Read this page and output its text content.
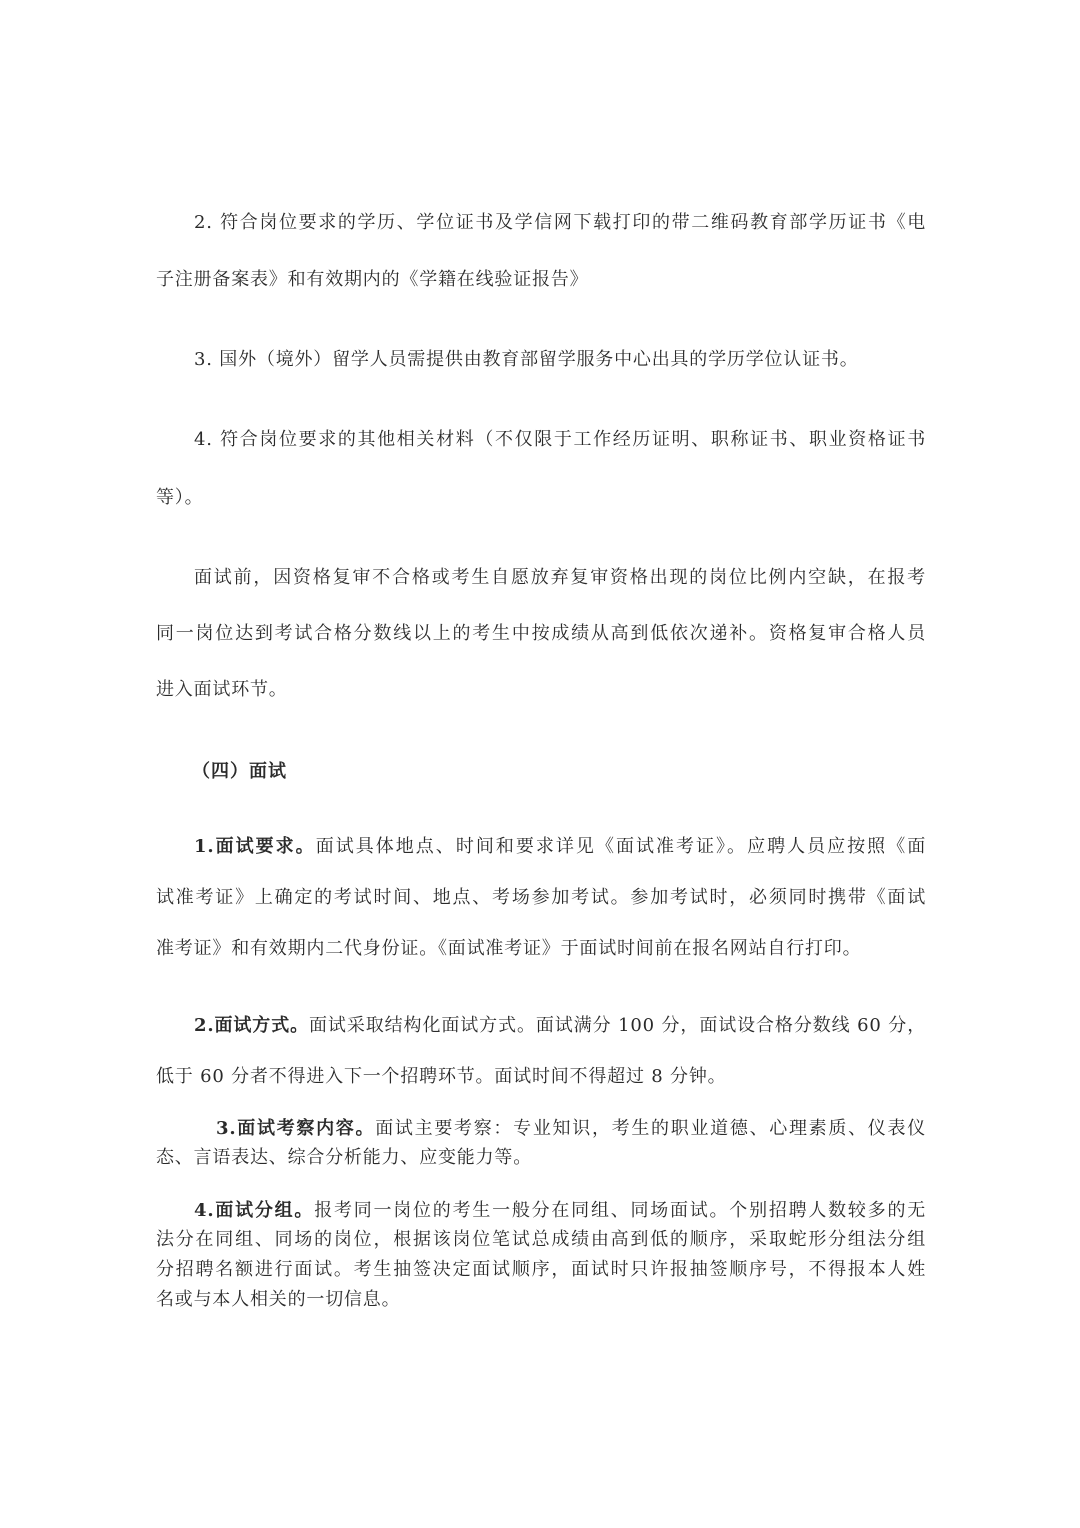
2. 符合岗位要求的学历、学位证书及学信网下载打印的带二维码教育部学历证书《电
子注册备案表》和有效期内的《学籍在线验证报告》
3. 国外（境外）留学人员需提供由教育部留学服务中心出具的学历学位认证书。
4. 符合岗位要求的其他相关材料（不仅限于工作经历证明、职称证书、职业资格证书
等）。
面试前，因资格复审不合格或考生自愿放弃复审资格出现的岗位比例内空缺，在报考
同一岗位达到考试合格分数线以上的考生中按成绩从高到低依次递补。资格复审合格人员
进入面试环节。
（四）面试
1.面试要求。面试具体地点、时间和要求详见《面试准考证》。应聘人员应按照《面
试准考证》上确定的考试时间、地点、考场参加考试。参加考试时，必须同时携带《面试
准考证》和有效期内二代身份证。《面试准考证》于面试时间前在报名网站自行打印。
2.面试方式。面试采取结构化面试方式。面试满分 100 分，面试设合格分数线 60 分，
低于 60 分者不得进入下一个招聘环节。面试时间不得超过 8 分钟。
3.面试考察内容。面试主要考察：专业知识，考生的职业道德、心理素质、仪表仪
态、言语表达、综合分析能力、应变能力等。
4.面试分组。报考同一岗位的考生一般分在同组、同场面试。个别招聘人数较多的无
法分在同组、同场的岗位，根据该岗位笔试总成绩由高到低的顺序，采取蛇形分组法分组
分招聘名额进行面试。考生抽签决定面试顺序，面试时只许报抽签顺序号，不得报本人姓
名或与本人相关的一切信息。
